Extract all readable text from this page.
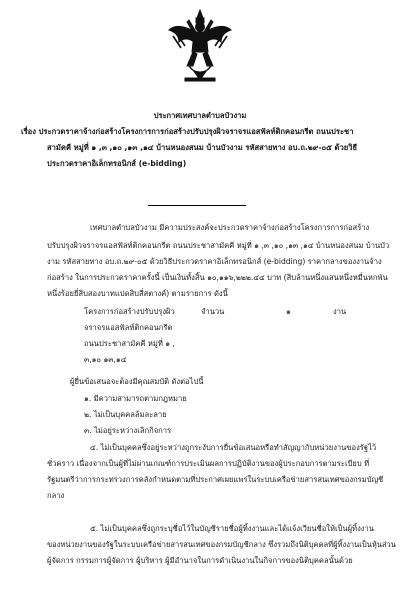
ประกาศเทศบาลตำบลบัวงาม
เรื่อง ประกวดราคาจ้างก่อสร้างโครงการการก่อสร้างปรับปรุงผิวจราจรแอสฟัลท์ติกคอนกรีต ถนนประชา
สามัคคี หมู่ที่ ๑ ,๓ ,๑๐ ,๑๓ ,๑๔ บ้านหนองสนม บ้านบัวงาม รหัสสายทาง อบ.ถ.๒๙-๐๕ ด้วยวิธี
ประกวดราคาอิเล็กทรอนิกส์ (e-bidding)
เทศบาลตำบลบัวงาม มีความประสงค์จะประกวดราคาจ้างก่อสร้างโครงการการก่อสร้าง
ปรับปรุงผิวจราจรแอสฟัลท์ติกคอนกรีต ถนนประชาสามัคคี หมู่ที่ ๑ ,๓ ,๑๐ ,๑๓ ,๑๔ บ้านหนองสนม บ้านบัว
งาม รหัสสายทาง อบ.ถ.๒๙-๐๕ ด้วยวิธีประกวดราคาอิเล็กทรอนิกส์ (e-bidding) ราคากลางของงานจ้าง
ก่อสร้าง ในการประกวดราคาครั้งนี้ เป็นเงินทั้งสิ้น ๑๐,๑๑๖,๒๒๒.๔๔ บาท (สิบล้านหนึ่งแสนหนึ่งหมื่นหกพัน
หนึ่งร้อยยี่สิบสองบาทแปดสิบสี่สตางค์) ตามรายการ ดังนี้
โครงการก่อสร้างปรับปรุงผิว
จราจรแอสฟัลท์ติกคอนกรีต
ถนนประชาสามัคคี หมู่ที่ ๑ ,
๓,๑๐ ๑๓,๑๔
จำนวน	๑	งาน
ผู้ยื่นข้อเสนอจะต้องมีคุณสมบัติ ดังต่อไปนี้
๑. มีความสามารถตามกฎหมาย
๒. ไม่เป็นบุคคลล้มละลาย
๓. ไม่อยู่ระหว่างเลิกกิจการ
๔. ไม่เป็นบุคคลซึ่งอยู่ระหว่างถูกระงับการยื่นข้อเสนอหรือทำสัญญากับหน่วยงานของรัฐไว้
ชั่วคราว เนื่องจากเป็นผู้ที่ไม่ผ่านเกณฑ์การประเมินผลการปฏิบัติงานของผู้ประกอบการตามระเบียบ ที่
รัฐมนตรีว่าการกระทรวงการคลังกำหนดตามที่ประกาศเผยแพร่ในระบบเครือข่ายสารสนเทศของกรมบัญชี
กลาง
๕. ไม่เป็นบุคคลซึ่งถูกระบุชื่อไว้ในบัญชีรายชื่อผู้ทิ้งงานและได้แจ้งเวียนชื่อให้เป็นผู้ทิ้งงาน
ของหน่วยงานของรัฐในระบบเครือข่ายสารสนเทศของกรมบัญชีกลาง ซึ่งรวมถึงนิติบุคคลที่ผู้ทิ้งงานเป็นหุ้นส่วน
ผู้จัดการ กรรมการผู้จัดการ ผู้บริหาร ผู้มีอำนาจในการดำเนินงานในกิจการของนิติบุคคลนั้นด้วย
